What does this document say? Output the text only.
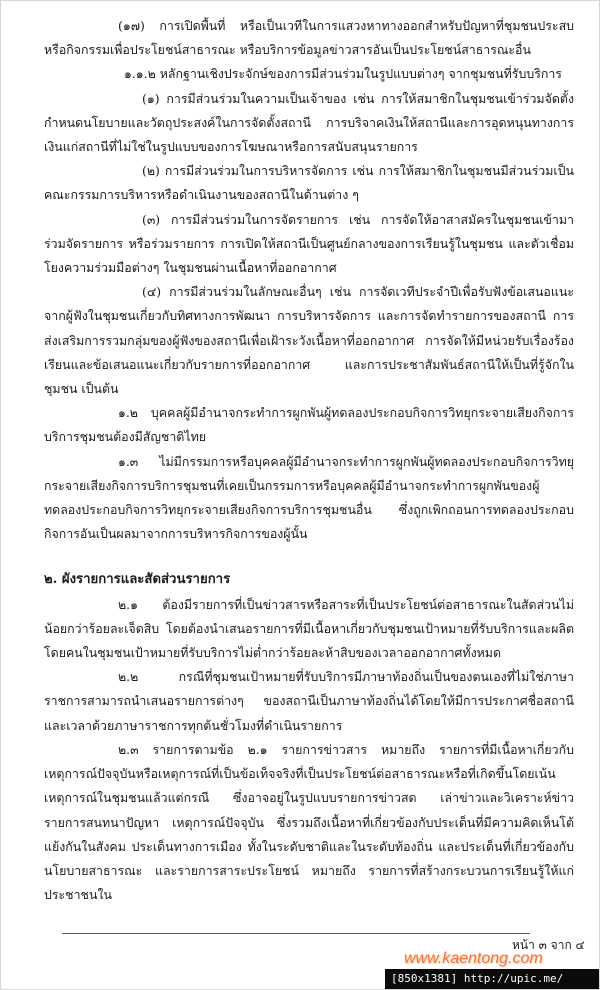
(๑๗) การเปิดพื้นที่ หรือเป็นเวทีในการแสวงหาทางออกสำหรับปัญหาที่ชุมชนประสบหรือกิจกรรมเพื่อประโยชน์สาธารณะ หรือบริการข้อมูลข่าวสารอันเป็นประโยชน์สาธารณะอื่น

๑.๑.๒ หลักฐานเชิงประจักษ์ของการมีส่วนร่วมในรูปแบบต่างๆ จากชุมชนที่รับบริการ

(๑) การมีส่วนร่วมในความเป็นเจ้าของ เช่น การให้สมาชิกในชุมชนเข้าร่วมจัดตั้งกำหนดนโยบายและวัตถุประสงค์ในการจัดตั้งสถานี การบริจาคเงินให้สถานีและการอุดหนุนทางการเงินแก่สถานีที่ไม่ใช่ในรูปแบบของการโฆษณาหรือการสนับสนุนรายการ

(๒) การมีส่วนร่วมในการบริหารจัดการ เช่น การให้สมาชิกในชุมชนมีส่วนร่วมเป็นคณะกรรมการบริหารหรือดำเนินงานของสถานีในด้านต่าง ๆ

(๓) การมีส่วนร่วมในการจัดรายการ เช่น การจัดให้อาสาสมัครในชุมชนเข้ามาร่วมจัดรายการ หรือร่วมรายการ การเปิดให้สถานีเป็นศูนย์กลางของการเรียนรู้ในชุมชน และตัวเชื่อมโยงความร่วมมือต่างๆ ในชุมชนผ่านเนื้อหาที่ออกอากาศ

(๔) การมีส่วนร่วมในลักษณะอื่นๆ เช่น การจัดเวทีประจำปีเพื่อรับฟังข้อเสนอแนะจากผู้ฟังในชุมชนเกี่ยวกับทิศทางการพัฒนา การบริหารจัดการ และการจัดทำรายการของสถานี การส่งเสริมการรวมกลุ่มของผู้ฟังของสถานีเพื่อเฝ้าระวังเนื้อหาที่ออกอากาศ การจัดให้มีหน่วยรับเรื่องร้องเรียนและข้อเสนอแนะเกี่ยวกับรายการที่ออกอากาศ และการประชาสัมพันธ์สถานีให้เป็นที่รู้จักในชุมชน เป็นต้น

๑.๒ บุคคลผู้มีอำนาจกระทำการผูกพันผู้ทดลองประกอบกิจการวิทยุกระจายเสียงกิจการบริการชุมชนต้องมีสัญชาติไทย

๑.๓ ไม่มีกรรมการหรือบุคคลผู้มีอำนาจกระทำการผูกพันผู้ทดลองประกอบกิจการวิทยุกระจายเสียงกิจการบริการชุมชนที่เคยเป็นกรรมการหรือบุคคลผู้มีอำนาจกระทำการผูกพันของผู้ทดลองประกอบกิจการวิทยุกระจายเสียงกิจการบริการชุมชนอื่น ซึ่งถูกเพิกถอนการทดลองประกอบกิจการอันเป็นผลมาจากการบริหารกิจการของผู้นั้น

๒. ผังรายการและสัดส่วนรายการ

๒.๑ ต้องมีรายการที่เป็นข่าวสารหรือสาระที่เป็นประโยชน์ต่อสาธารณะในสัดส่วนไม่น้อยกว่าร้อยละเจ็ดสิบ โดยต้องนำเสนอรายการที่มีเนื้อหาเกี่ยวกับชุมชนเป้าหมายที่รับบริการและผลิตโดยคนในชุมชนเป้าหมายที่รับบริการไม่ต่ำกว่าร้อยละห้าสิบของเวลาออกอากาศทั้งหมด

๒.๒ กรณีที่ชุมชนเป้าหมายที่รับบริการมีภาษาท้องถิ่นเป็นของตนเองที่ไม่ใช่ภาษาราชการสามารถนำเสนอรายการต่างๆ ของสถานีเป็นภาษาท้องถิ่นได้โดยให้มีการประกาศชื่อสถานีและเวลาด้วยภาษาราชการทุกต้นชั่วโมงที่ดำเนินรายการ

๒.๓ รายการตามข้อ ๒.๑ รายการข่าวสาร หมายถึง รายการที่มีเนื้อหาเกี่ยวกับเหตุการณ์ปัจจุบันหรือเหตุการณ์ที่เป็นข้อเท็จจริงที่เป็นประโยชน์ต่อสาธารณะหรือที่เกิดขึ้นโดยเน้นเหตุการณ์ในชุมชนแล้วแต่กรณี ซึ่งอาจอยู่ในรูปแบบรายการข่าวสด เล่าข่าวและวิเคราะห์ข่าว รายการสนทนาปัญหา เหตุการณ์ปัจจุบัน ซึ่งรวมถึงเนื้อหาที่เกี่ยวข้องกับประเด็นที่มีความคิดเห็นโต้แย้งกันในสังคม ประเด็นทางการเมือง ทั้งในระดับชาติและในระดับท้องถิ่น และประเด็นที่เกี่ยวข้องกับนโยบายสาธารณะ และรายการสาระประโยชน์ หมายถึง รายการที่สร้างกระบวนการเรียนรู้ให้แก่ประชาชนใน

หน้า ๓ จาก ๔
www.kaentong.com
[850x1381] http://upic.me/
